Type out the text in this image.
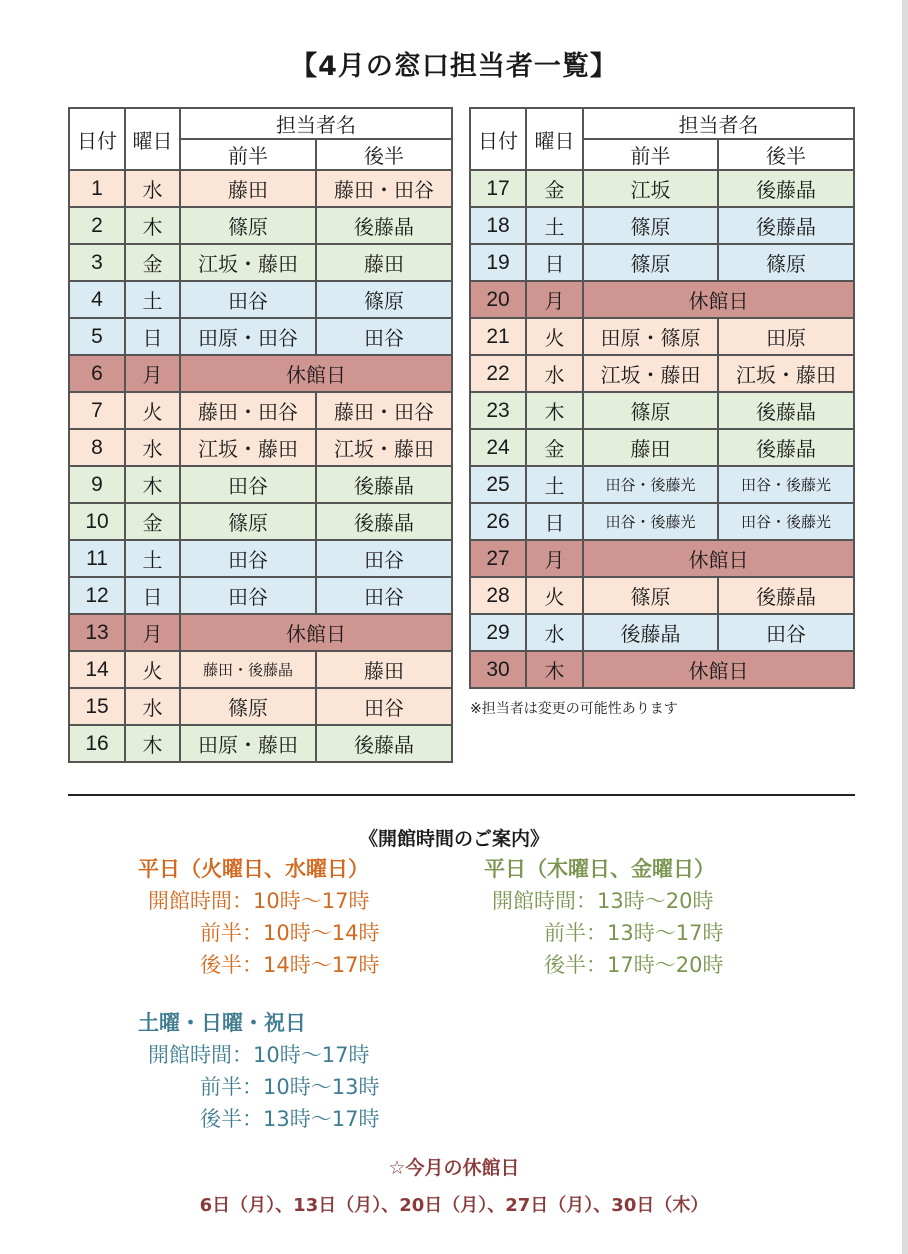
【4月の窓口担当者一覧】
日付	曜日	担当者名	
		前半	後半
1	水	藤田	藤田・田谷
2	木	篠原	後藤晶
3	金	江坂・藤田	藤田
4	土	田谷	篠原
5	日	田原・田谷	田谷
6	月	休館日	
7	火	藤田・田谷	藤田・田谷
8	水	江坂・藤田	江坂・藤田
9	木	田谷	後藤晶
10	金	篠原	後藤晶
11	土	田谷	田谷
12	日	田谷	田谷
13	月	休館日	
14	火	藤田・後藤晶	藤田
15	水	篠原	田谷
16	木	田原・藤田	後藤晶
日付	曜日	担当者名	
		前半	後半
17	金	江坂	後藤晶
18	土	篠原	後藤晶
19	日	篠原	篠原
20	月	休館日	
21	火	田原・篠原	田原
22	水	江坂・藤田	江坂・藤田
23	木	篠原	後藤晶
24	金	藤田	後藤晶
25	土	田谷・後藤光	田谷・後藤光
26	日	田谷・後藤光	田谷・後藤光
27	月	休館日	
28	火	篠原	後藤晶
29	水	後藤晶	田谷
30	木	休館日	
※担当者は変更の可能性あります
《開館時間のご案内》
平日（火曜日、水曜日）
開館時間：10時～17時
前半：10時～14時
後半：14時～17時
平日（木曜日、金曜日）
開館時間：13時～20時
前半：13時～17時
後半：17時～20時
土曜・日曜・祝日
開館時間：10時～17時
前半：10時～13時
後半：13時～17時
☆今月の休館日
6日（月）、13日（月）、20日（月）、27日（月）、30日（木）
